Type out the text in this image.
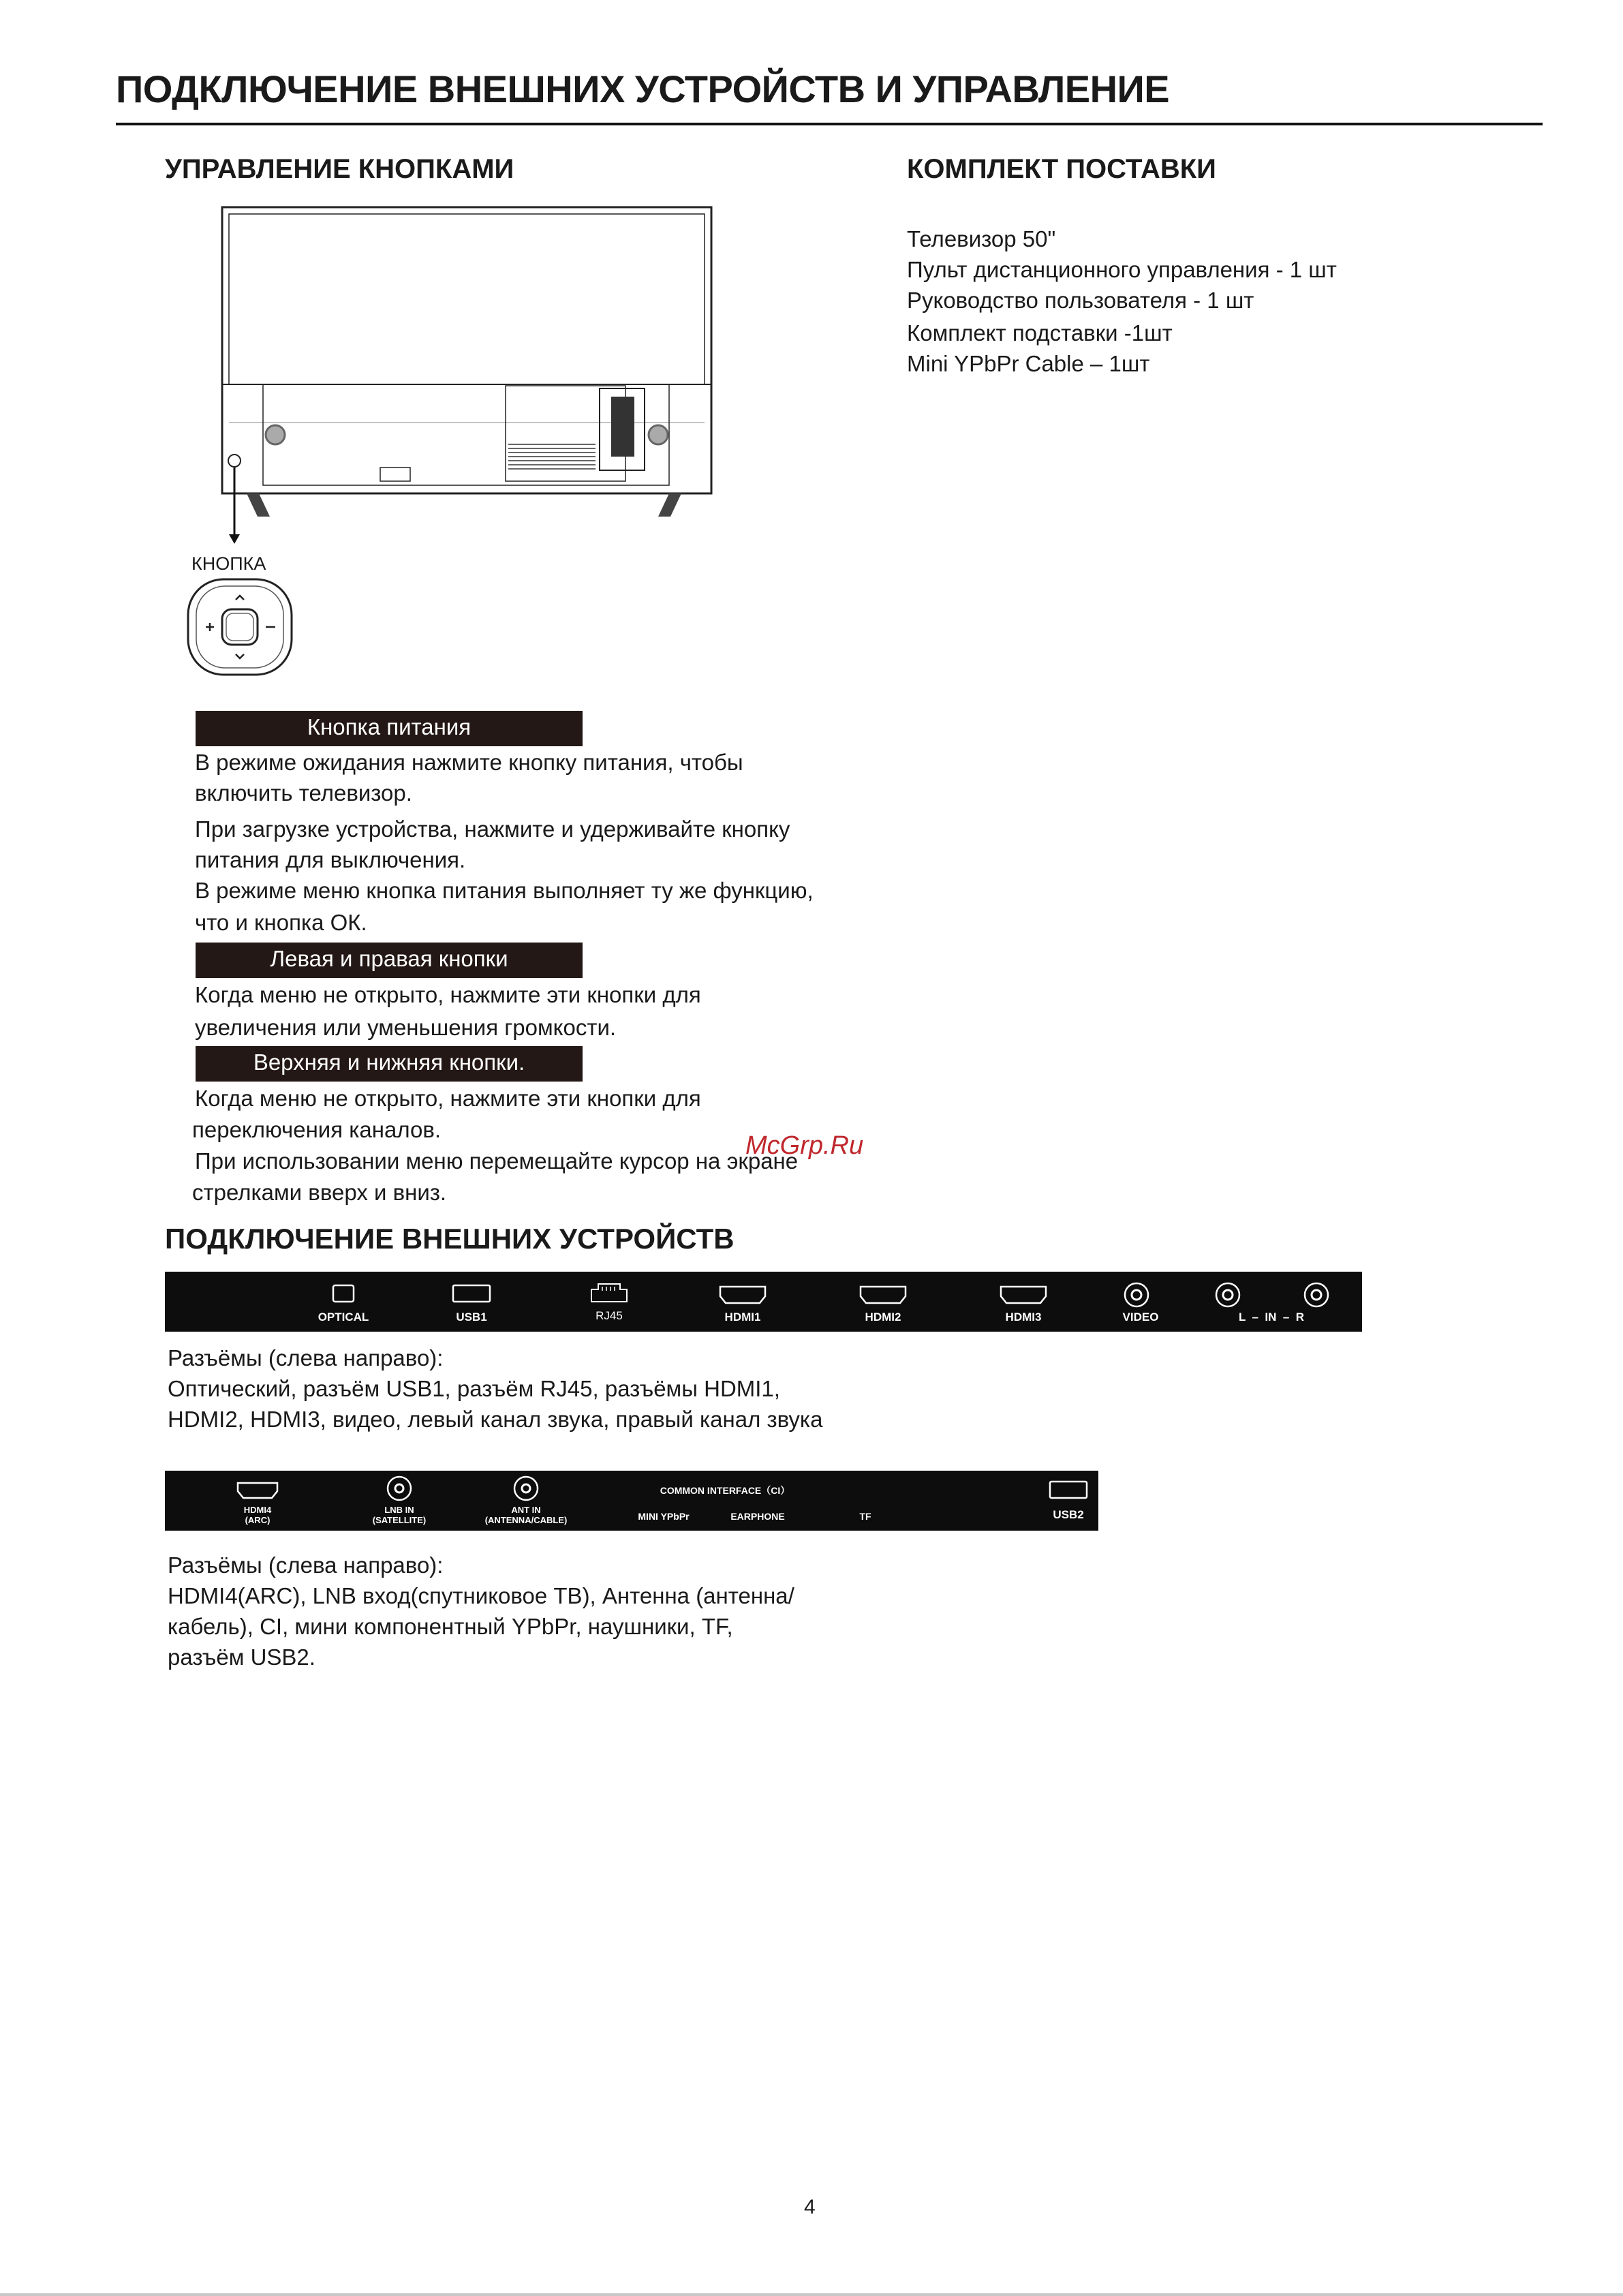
ПОДКЛЮЧЕНИЕ ВНЕШНИХ УСТРОЙСТВ И УПРАВЛЕНИЕ
УПРАВЛЕНИЕ КНОПКАМИ
КНОПКА
Кнопка питания
В режиме ожидания нажмите кнопку питания, чтобы
включить телевизор.
При загрузке устройства, нажмите и удерживайте кнопку
питания для выключения.
В режиме меню кнопка питания выполняет ту же функцию,
что и кнопка ОК.
Левая и правая кнопки
Когда меню не открыто, нажмите эти кнопки для
увеличения или уменьшения громкости.
Верхняя и нижняя кнопки.
Когда меню не открыто, нажмите эти кнопки для
переключения каналов.
При использовании меню перемещайте курсор на экране
стрелками вверх и вниз.
КОМПЛЕКТ ПОСТАВКИ

Телевизор 50"

Пульт дистанционного управления - 1 шт

Руководство пользователя - 1 шт

Комплект подставки -1шт

Mini YPbPr Cable – 1шт

McGrp.Ru
ПОДКЛЮЧЕНИЕ ВНЕШНИХ УСТРОЙСТВ
OPTICAL	USB1	RJ45	HDMI1	HDMI2	HDMI3	VIDEO	L  –  IN  –  R
Разъёмы (слева направо):
Оптический, разъём USB1, разъём RJ45, разъёмы HDMI1,
HDMI2, HDMI3, видео, левый канал звука, правый канал звука
HDMI4
(ARC)
LNB IN
(SATELLITE)
ANT IN
(ANTENNA/CABLE)
COMMON INTERFACE（CI）
MINI YPbPr	EARPHONE	TF	USB2
Разъёмы (слева направо):
HDMI4(ARC), LNB вход(спутниковое ТВ), Антенна (антенна/
кабель), CI, мини компонентный YPbPr, наушники, TF,
разъём USB2.
4
